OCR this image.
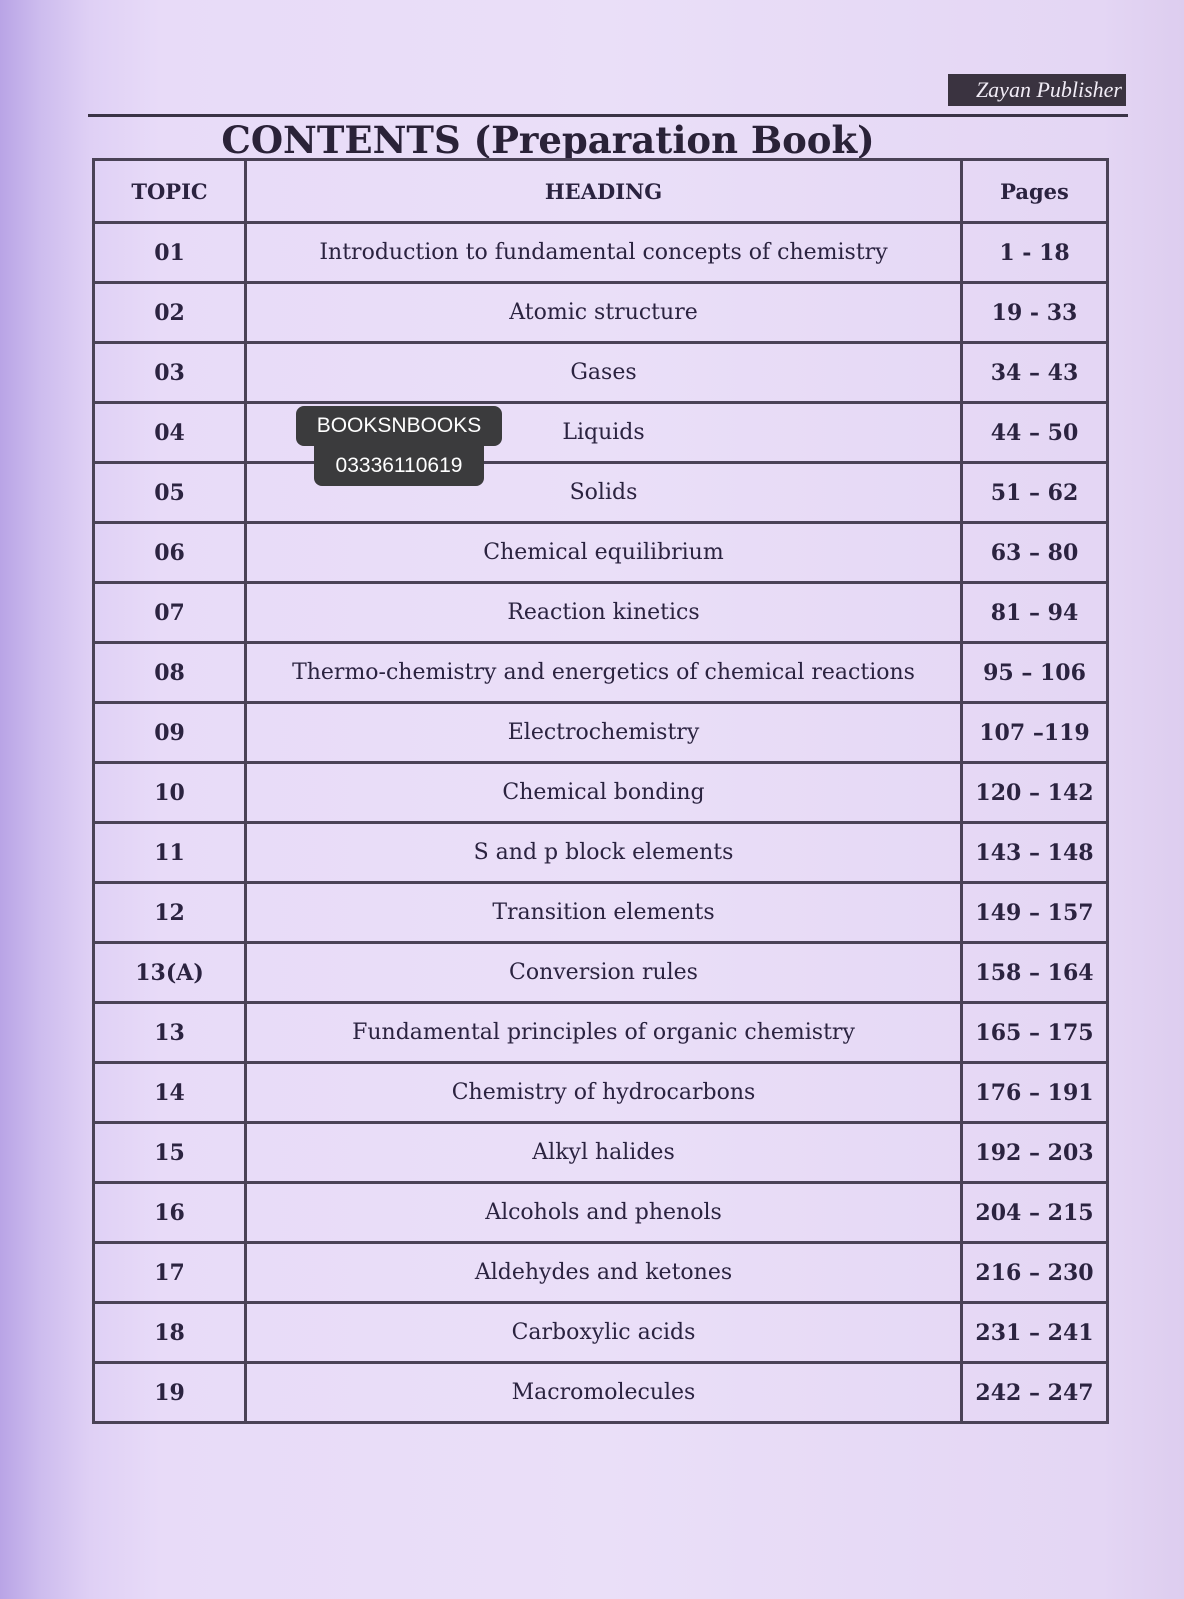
Zayan Publisher
CONTENTS (Preparation Book)
TOPIC	HEADING	Pages
01	Introduction to fundamental concepts of chemistry	1 - 18
02	Atomic structure	19 - 33
03	Gases	34 – 43
04	Liquids	44 – 50
05	Solids	51 – 62
06	Chemical equilibrium	63 – 80
07	Reaction kinetics	81 – 94
08	Thermo-chemistry and energetics of chemical reactions	95 – 106
09	Electrochemistry	107 –119
10	Chemical bonding	120 – 142
11	S and p block elements	143 – 148
12	Transition elements	149 – 157
13(A)	Conversion rules	158 – 164
13	Fundamental principles of organic chemistry	165 – 175
14	Chemistry of hydrocarbons	176 – 191
15	Alkyl halides	192 – 203
16	Alcohols and phenols	204 – 215
17	Aldehydes and ketones	216 – 230
18	Carboxylic acids	231 – 241
19	Macromolecules	242 – 247
BOOKSNBOOKS
03336110619
